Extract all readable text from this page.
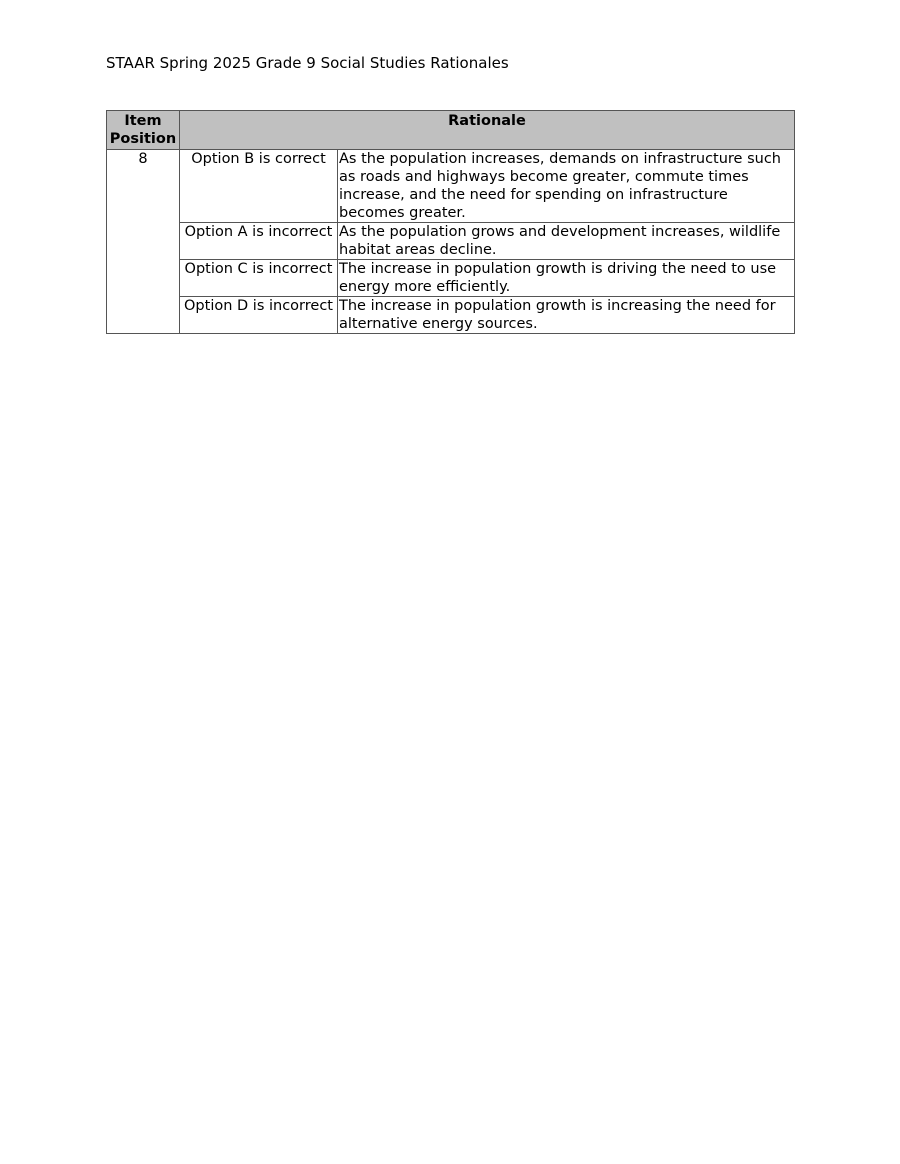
STAAR Spring 2025 Grade 9 Social Studies Rationales
Item
Position	Rationale	
8	Option B is correct	As the population increases, demands on infrastructure such as roads and highways become greater, commute times increase, and the need for spending on infrastructure becomes greater.
	Option A is incorrect	As the population grows and development increases, wildlife habitat areas decline.
	Option C is incorrect	The increase in population growth is driving the need to use energy more efficiently.
	Option D is incorrect	The increase in population growth is increasing the need for alternative energy sources.
